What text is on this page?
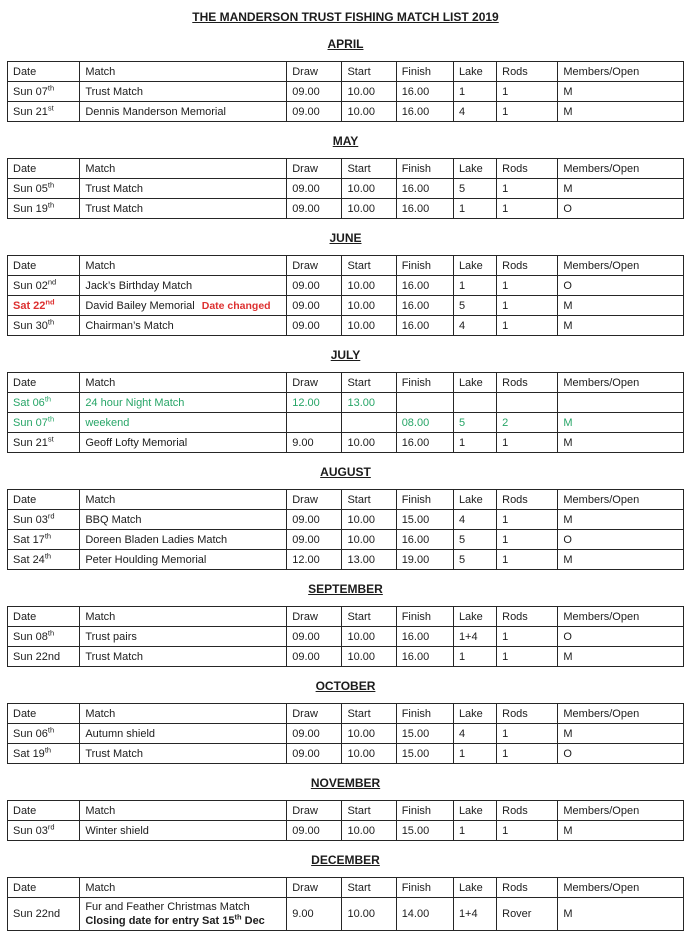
THE MANDERSON TRUST FISHING MATCH LIST 2019
APRIL
Date	Match	Draw	Start	Finish	Lake	Rods	Members/Open
Sun 07th	Trust Match	09.00	10.00	16.00	1	1	M
Sun 21st	Dennis Manderson Memorial	09.00	10.00	16.00	4	1	M
MAY
Date	Match	Draw	Start	Finish	Lake	Rods	Members/Open
Sun 05th	Trust Match	09.00	10.00	16.00	5	1	M
Sun 19th	Trust Match	09.00	10.00	16.00	1	1	O
JUNE
Date	Match	Draw	Start	Finish	Lake	Rods	Members/Open
Sun 02nd	Jack’s Birthday Match	09.00	10.00	16.00	1	1	O
Sat 22nd	David Bailey Memorial Date changed	09.00	10.00	16.00	5	1	M
Sun 30th	Chairman’s Match	09.00	10.00	16.00	4	1	M
JULY
Date	Match	Draw	Start	Finish	Lake	Rods	Members/Open
Sat 06th	24 hour Night Match	12.00	13.00				
Sun 07th	weekend			08.00	5	2	M
Sun 21st	Geoff Lofty Memorial	9.00	10.00	16.00	1	1	M
AUGUST
Date	Match	Draw	Start	Finish	Lake	Rods	Members/Open
Sun 03rd	BBQ Match	09.00	10.00	15.00	4	1	M
Sat 17th	Doreen Bladen Ladies Match	09.00	10.00	16.00	5	1	O
Sat 24th	Peter Houlding Memorial	12.00	13.00	19.00	5	1	M
SEPTEMBER
Date	Match	Draw	Start	Finish	Lake	Rods	Members/Open
Sun 08th	Trust pairs	09.00	10.00	16.00	1+4	1	O
Sun 22nd	Trust Match	09.00	10.00	16.00	1	1	M
OCTOBER
Date	Match	Draw	Start	Finish	Lake	Rods	Members/Open
Sun 06th	Autumn shield	09.00	10.00	15.00	4	1	M
Sat 19th	Trust Match	09.00	10.00	15.00	1	1	O
NOVEMBER
Date	Match	Draw	Start	Finish	Lake	Rods	Members/Open
Sun 03rd	Winter shield	09.00	10.00	15.00	1	1	M
DECEMBER
Date	Match	Draw	Start	Finish	Lake	Rods	Members/Open
Sun 22nd	Fur and Feather Christmas Match
Closing date for entry Sat 15th Dec	9.00	10.00	14.00	1+4	Rover	M
